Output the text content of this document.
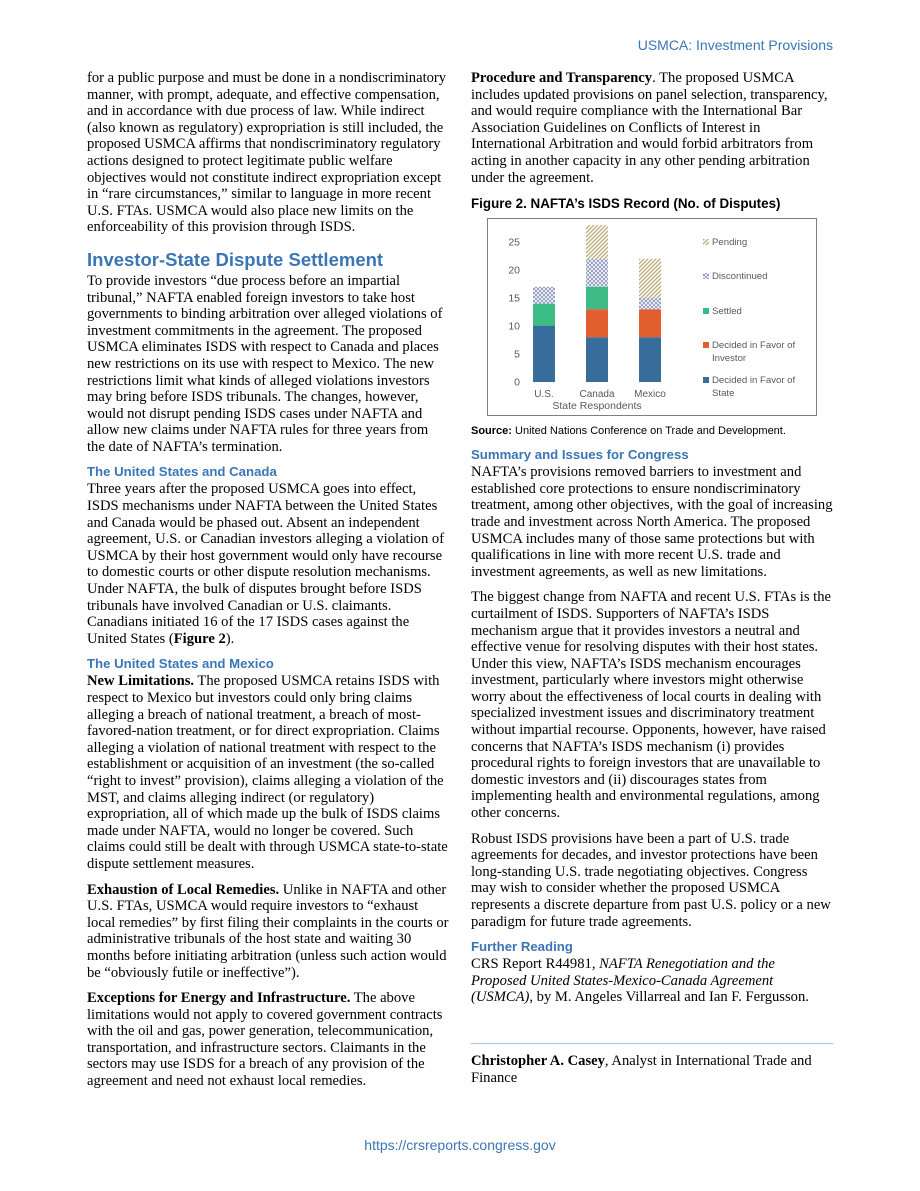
USMCA: Investment Provisions

for a public purpose and must be done in a nondiscriminatory manner, with prompt, adequate, and effective compensation, and in accordance with due process of law. While indirect (also known as regulatory) expropriation is still included, the proposed USMCA affirms that nondiscriminatory regulatory actions designed to protect legitimate public welfare objectives would not constitute indirect expropriation except in “rare circumstances,” similar to language in more recent U.S. FTAs. USMCA would also place new limits on the enforceability of this provision through ISDS.

Investor-State Dispute Settlement

To provide investors “due process before an impartial tribunal,” NAFTA enabled foreign investors to take host governments to binding arbitration over alleged violations of investment commitments in the agreement. The proposed USMCA eliminates ISDS with respect to Canada and places new restrictions on its use with respect to Mexico. The new restrictions limit what kinds of alleged violations investors may bring before ISDS tribunals. The changes, however, would not disrupt pending ISDS cases under NAFTA and allow new claims under NAFTA rules for three years from the date of NAFTA’s termination.

The United States and Canada

Three years after the proposed USMCA goes into effect, ISDS mechanisms under NAFTA between the United States and Canada would be phased out. Absent an independent agreement, U.S. or Canadian investors alleging a violation of USMCA by their host government would only have recourse to domestic courts or other dispute resolution mechanisms. Under NAFTA, the bulk of disputes brought before ISDS tribunals have involved Canadian or U.S. claimants. Canadians initiated 16 of the 17 ISDS cases against the United States (Figure 2).

The United States and Mexico

New Limitations. The proposed USMCA retains ISDS with respect to Mexico but investors could only bring claims alleging a breach of national treatment, a breach of most-favored-nation treatment, or for direct expropriation. Claims alleging a violation of national treatment with respect to the establishment or acquisition of an investment (the so-called “right to invest” provision), claims alleging a violation of the MST, and claims alleging indirect (or regulatory) expropriation, all of which made up the bulk of ISDS claims made under NAFTA, would no longer be covered. Such claims could still be dealt with through USMCA state-to-state dispute settlement measures.

Exhaustion of Local Remedies. Unlike in NAFTA and other U.S. FTAs, USMCA would require investors to “exhaust local remedies” by first filing their complaints in the courts or administrative tribunals of the host state and waiting 30 months before initiating arbitration (unless such action would be “obviously futile or ineffective”).

Exceptions for Energy and Infrastructure. The above limitations would not apply to covered government contracts with the oil and gas, power generation, telecommunication, transportation, and infrastructure sectors. Claimants in the sectors may use ISDS for a breach of any provision of the agreement and need not exhaust local remedies.

Procedure and Transparency. The proposed USMCA includes updated provisions on panel selection, transparency, and would require compliance with the International Bar Association Guidelines on Conflicts of Interest in International Arbitration and would forbid arbitrators from acting in another capacity in any other pending arbitration under the agreement.

Figure 2. NAFTA’s ISDS Record (No. of Disputes)
0
5
10
15
20
25
U.S.	Canada Mexico
State Respondents
Pending
Discontinued
Settled
Decided in Favor of
Investor
Decided in Favor of
State
Source: United Nations Conference on Trade and Development.
Summary and Issues for Congress

NAFTA’s provisions removed barriers to investment and established core protections to ensure nondiscriminatory treatment, among other objectives, with the goal of increasing trade and investment across North America. The proposed USMCA includes many of those same protections but with qualifications in line with more recent U.S. trade and investment agreements, as well as new limitations.

The biggest change from NAFTA and recent U.S. FTAs is the curtailment of ISDS. Supporters of NAFTA’s ISDS mechanism argue that it provides investors a neutral and effective venue for resolving disputes with their host states. Under this view, NAFTA’s ISDS mechanism encourages investment, particularly where investors might otherwise worry about the effectiveness of local courts in dealing with specialized investment issues and discriminatory treatment without impartial recourse. Opponents, however, have raised concerns that NAFTA’s ISDS mechanism (i) provides procedural rights to foreign investors that are unavailable to domestic investors and (ii) discourages states from implementing health and environmental regulations, among other concerns.

Robust ISDS provisions have been a part of U.S. trade agreements for decades, and investor protections have been long-standing U.S. trade negotiating objectives. Congress may wish to consider whether the proposed USMCA represents a discrete departure from past U.S. policy or a new paradigm for future trade agreements.

Further Reading

CRS Report R44981, NAFTA Renegotiation and the Proposed United States-Mexico-Canada Agreement (USMCA), by M. Angeles Villarreal and Ian F. Fergusson.

Christopher A. Casey, Analyst in International Trade and Finance
https://crsreports.congress.gov
